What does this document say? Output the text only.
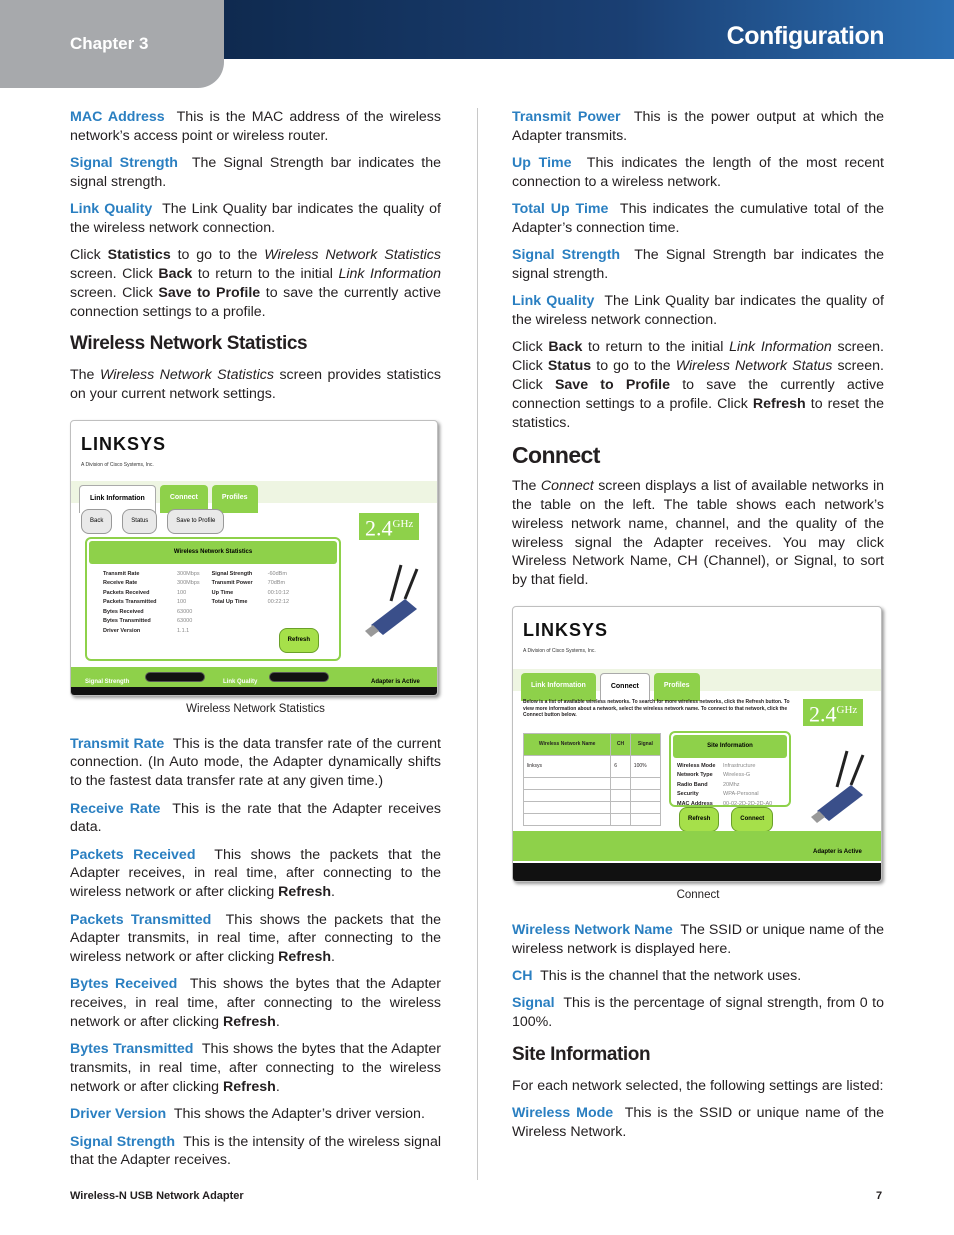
Chapter 3	Configuration

MAC Address This is the MAC address of the wireless network’s access point or wireless router.

Signal Strength The Signal Strength bar indicates the signal strength.

Link Quality The Link Quality bar indicates the quality of the wireless network connection.

Click Statistics to go to the Wireless Network Statistics screen. Click Back to return to the initial Link Information screen. Click Save to Profile to save the currently active connection settings to a profile.

Wireless Network Statistics

The Wireless Network Statistics screen provides statistics on your current network settings.

LINKSYS
A Division of Cisco Systems, Inc.
Link Information	Connect	Profiles
Back	Status	Save to Profile	$2.4^{GHz}$
Wireless Network Statistics
Transmit Rate	300Mbps
Receive Rate	300Mbps
Packets Received	100
Packets Transmitted	100
Bytes Received	63000
Bytes Transmitted	63000
Driver Version	1.1.1
Signal Strength	-60dBm
Transmit Power	70dBm
Up Time	00:10:12
Total Up Time	00:22:12
Refresh
Signal Strength	Link Quality	Adapter is Active
Wireless Network Statistics

Transmit Rate This is the data transfer rate of the current connection. (In Auto mode, the Adapter dynamically shifts to the fastest data transfer rate at any given time.)

Receive Rate This is the rate that the Adapter receives data.

Packets Received This shows the packets that the Adapter receives, in real time, after connecting to the wireless network or after clicking Refresh.

Packets Transmitted This shows the packets that the Adapter transmits, in real time, after connecting to the wireless network or after clicking Refresh.

Bytes Received This shows the bytes that the Adapter receives, in real time, after connecting to the wireless network or after clicking Refresh.

Bytes Transmitted This shows the bytes that the Adapter transmits, in real time, after connecting to the wireless network or after clicking Refresh.

Driver Version This shows the Adapter’s driver version.

Signal Strength This is the intensity of the wireless signal that the Adapter receives.

Transmit Power This is the power output at which the Adapter transmits.

Up Time This indicates the length of the most recent connection to a wireless network.

Total Up Time This indicates the cumulative total of the Adapter’s connection time.

Signal Strength The Signal Strength bar indicates the signal strength.

Link Quality The Link Quality bar indicates the quality of the wireless network connection.

Click Back to return to the initial Link Information screen. Click Status to go to the Wireless Network Status screen. Click Save to Profile to save the currently active connection settings to a profile. Click Refresh to reset the statistics.

Connect

The Connect screen displays a list of available networks in the table on the left. The table shows each network’s wireless network name, channel, and the quality of the wireless signal the Adapter receives. You may click Wireless Network Name, CH (Channel), or Signal, to sort by that field.

LINKSYS
A Division of Cisco Systems, Inc.
Link Information	Connect	Profiles
Below is a list of available wireless networks. To search for more wireless networks, click the Refresh button. To view more information about a network, select the wireless network name. To connect to that network, click the Connect button below.	$2.4^{GHz}$
Wireless Network Name	CH	Signal
linksys	6	100%

Site Information
Wireless Mode Infrastructure
Network Type Wireless-G
Radio Band	20Mhz
Security	WPA-Personal
MAC Address 00-02-2D-2D-2D-A0
Refresh	Connect
Adapter is Active
Connect

Wireless Network Name The SSID or unique name of the wireless network is displayed here.

CH This is the channel that the network uses.

Signal This is the percentage of signal strength, from 0 to 100%.

Site Information

For each network selected, the following settings are listed:

Wireless Mode This is the SSID or unique name of the Wireless Network.

Wireless-N USB Network Adapter	7
